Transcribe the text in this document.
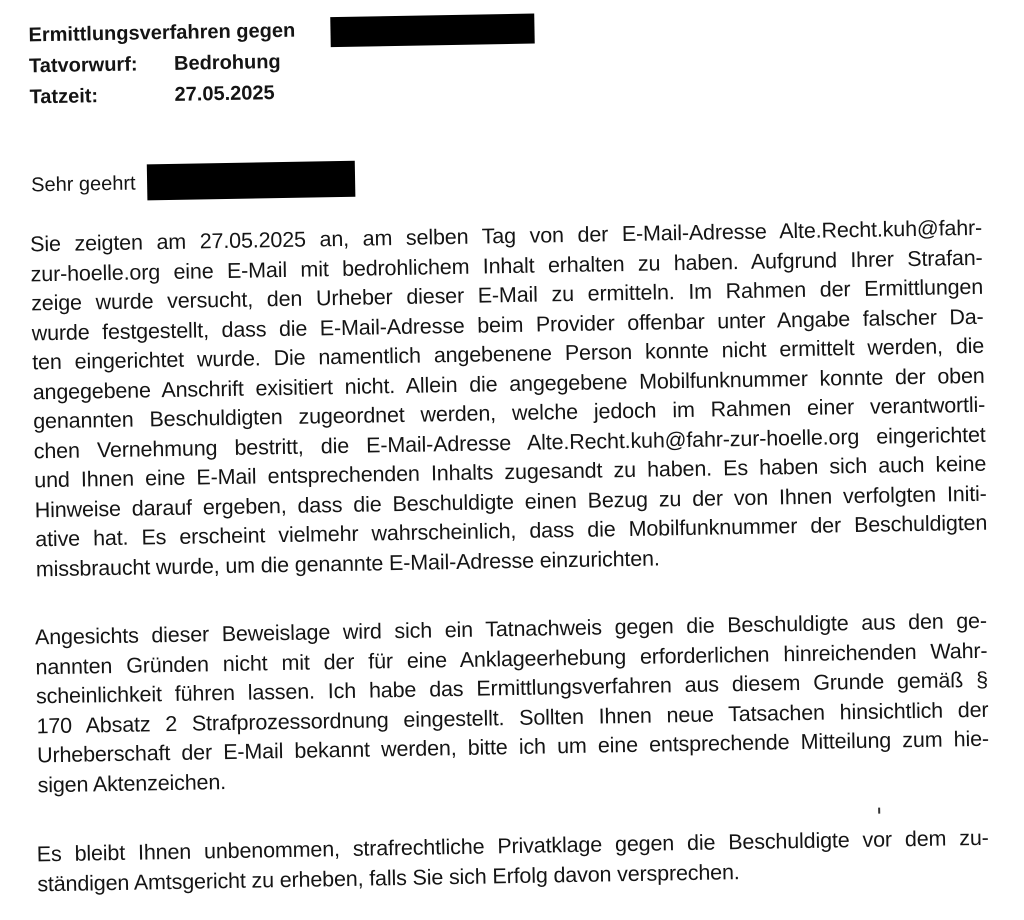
Ermittlungsverfahren gegen
Tatvorwurf: Bedrohung
Tatzeit:	27.05.2025
Sehr geehrt
Sie zeigten am 27.05.2025 an, am selben Tag von der E-Mail-Adresse Alte.Recht.kuh@fahr-
zur-hoelle.org eine E-Mail mit bedrohlichem Inhalt erhalten zu haben. Aufgrund Ihrer Strafan-
zeige wurde versucht, den Urheber dieser E-Mail zu ermitteln. Im Rahmen der Ermittlungen
wurde festgestellt, dass die E-Mail-Adresse beim Provider offenbar unter Angabe falscher Da-
ten eingerichtet wurde. Die namentlich angebenene Person konnte nicht ermittelt werden, die
angegebene Anschrift exisitiert nicht. Allein die angegebene Mobilfunknummer konnte der oben
genannten Beschuldigten zugeordnet werden, welche jedoch im Rahmen einer verantwortli-
chen Vernehmung bestritt, die E-Mail-Adresse Alte.Recht.kuh@fahr-zur-hoelle.org eingerichtet
und Ihnen eine E-Mail entsprechenden Inhalts zugesandt zu haben. Es haben sich auch keine
Hinweise darauf ergeben, dass die Beschuldigte einen Bezug zu der von Ihnen verfolgten Initi-
ative hat. Es erscheint vielmehr wahrscheinlich, dass die Mobilfunknummer der Beschuldigten
missbraucht wurde, um die genannte E-Mail-Adresse einzurichten.
Angesichts dieser Beweislage wird sich ein Tatnachweis gegen die Beschuldigte aus den ge-
nannten Gründen nicht mit der für eine Anklageerhebung erforderlichen hinreichenden Wahr-
scheinlichkeit führen lassen. Ich habe das Ermittlungsverfahren aus diesem Grunde gemäß §
170 Absatz 2 Strafprozessordnung eingestellt. Sollten Ihnen neue Tatsachen hinsichtlich der
Urheberschaft der E-Mail bekannt werden, bitte ich um eine entsprechende Mitteilung zum hie-
sigen Aktenzeichen.
Es bleibt Ihnen unbenommen, strafrechtliche Privatklage gegen die Beschuldigte vor dem zu-
ständigen Amtsgericht zu erheben, falls Sie sich Erfolg davon versprechen.
